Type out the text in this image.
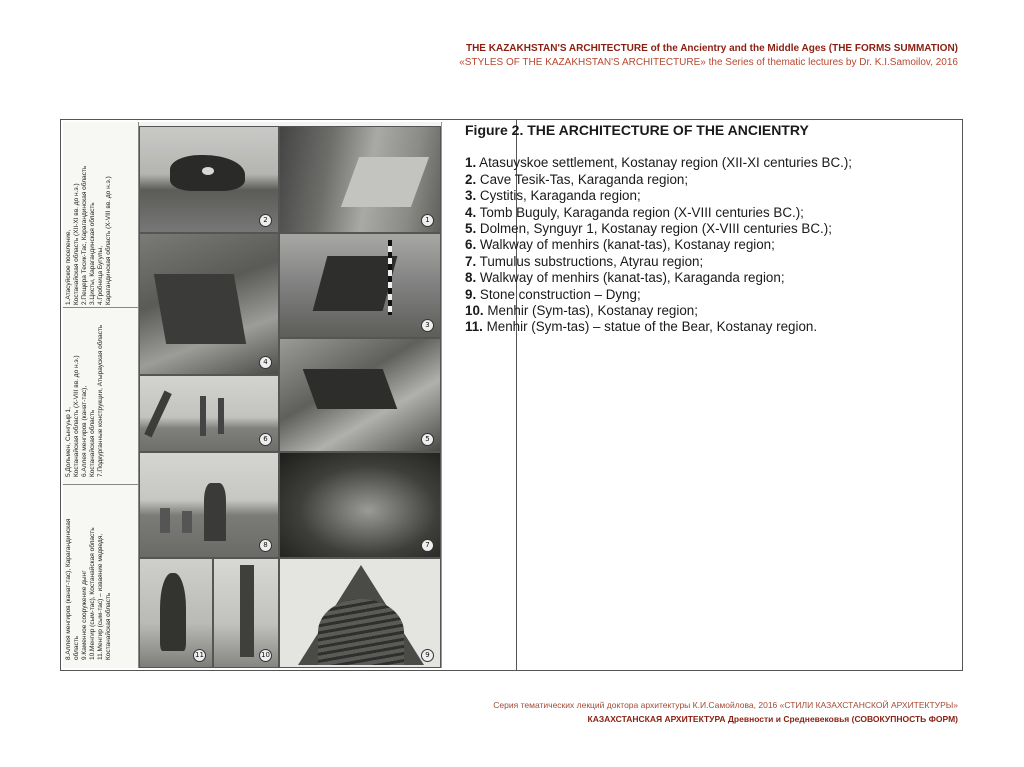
THE KAZAKHSTAN'S ARCHITECTURE of the Ancientry and the Middle Ages (THE FORMS SUMMATION)
«STYLES OF THE KAZAKHSTAN'S ARCHITECTURE» the Series of thematic lectures by Dr. K.I.Samoilov, 2016
1.Атасуйское поселение,
Костанайская область (XII-XI вв. до н.э.)
2.Пещера Тесик-Тас, Карагандинская область
3.Цисты, Карагандинская область
4.Гробница Бугулы,
Карагандинская область (X-VIII вв. до н.э.)
5.Дольмен, Сынгуыр 1,
Костанайская область (X-VIII вв. до н.э.)
6.Аллея менгиров (канат-тас),
Костанайская область
7.Подкурганные конструкции, Атырауская область
8.Аллея менгиров (канат-тас), Карагандинская
область
9.Каменное сооружение дынг
10.Менгир (сым-тас), Костанайская область
11.Менгир (сым-тас) – изваяние медведя,
Костанайская область
2	1
4
3
6	5
8	7
11	10	9
Figure 2. THE ARCHITECTURE OF THE ANCIENTRY
1. Atasuyskoe settlement, Kostanay region (XII-XI centuries BC.);
2. Cave Tesik-Tas, Karaganda region;
3. Cystitis, Karaganda region;
4. Tomb Buguly, Karaganda region (X-VIII centuries BC.);
5. Dolmen, Synguyr 1, Kostanay region (X-VIII centuries BC.);
6. Walkway of menhirs (kanat-tas), Kostanay region;
7. Tumulus substructions, Atyrau region;
8. Walkway of menhirs (kanat-tas), Karaganda region;
9. Stone construction – Dyng;
10. Menhir (Sym-tas), Kostanay region;
11. Menhir (Sym-tas) – statue of the Bear, Kostanay region.
Серия тематических лекций доктора архитектуры К.И.Самойлова, 2016 «СТИЛИ КАЗАХСТАНСКОЙ АРХИТЕКТУРЫ»
КАЗАХСТАНСКАЯ АРХИТЕКТУРА Древности и Средневековья (СОВОКУПНОСТЬ ФОРМ)
